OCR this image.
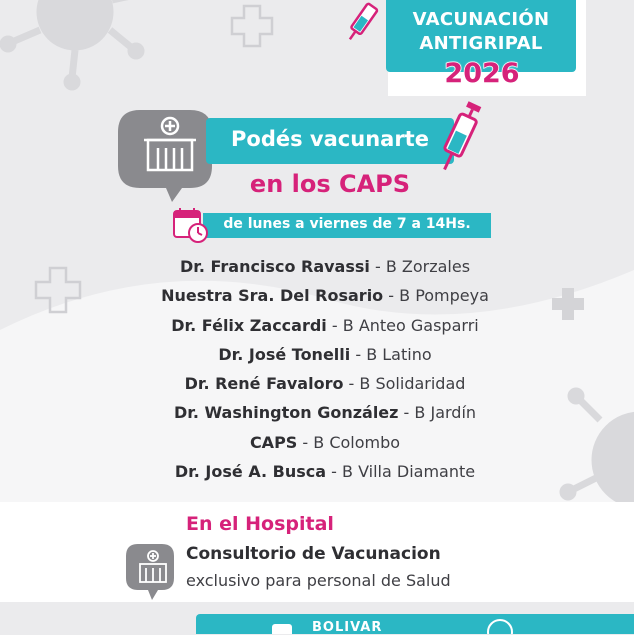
VACUNACIÓN
ANTIGRIPAL
2026
Podés vacunarte
en los CAPS
de lunes a viernes de 7 a 14Hs.
Dr. Francisco Ravassi - B Zorzales
Nuestra Sra. Del Rosario - B Pompeya
Dr. Félix Zaccardi - B Anteo Gasparri
Dr. José Tonelli - B Latino
Dr. René Favaloro - B Solidaridad
Dr. Washington González - B Jardín
CAPS - B Colombo
Dr. José A. Busca - B Villa Diamante
En el Hospital
Consultorio de Vacunacion
exclusivo para personal de Salud
BOLIVAR
